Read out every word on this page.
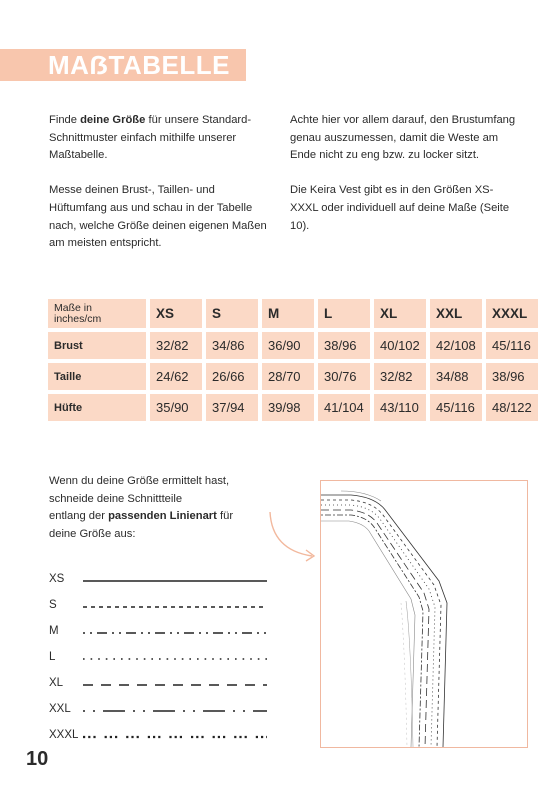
MAẞTABELLE

Finde deine Größe für unsere Standard-Schnittmuster einfach mithilfe unserer Maßtabelle.

Messe deinen Brust-, Taillen- und Hüftumfang aus und schau in der Tabelle nach, welche Größe deinen eigenen Maßen am meisten entspricht.

Achte hier vor allem darauf, den Brustumfang genau auszumessen, damit die Weste am Ende nicht zu eng bzw. zu locker sitzt.

Die Keira Vest gibt es in den Größen XS-XXXL oder individuell auf deine Maße (Seite 10).

Maße in
inches/cm	XS	S	M	L	XL	XXL	XXXL
Brust	32/82	34/86	36/90	38/96	40/102	42/108	45/116
Taille	24/62	26/66	28/70	30/76	32/82	34/88	38/96
Hüfte	35/90	37/94	39/98	41/104	43/110	45/116	48/122
Wenn du deine Größe ermittelt hast,
schneide deine Schnittteile
entlang der passenden Linienart für
deine Größe aus:
XS
S
M
L
XL
XXL
XXXL
10
